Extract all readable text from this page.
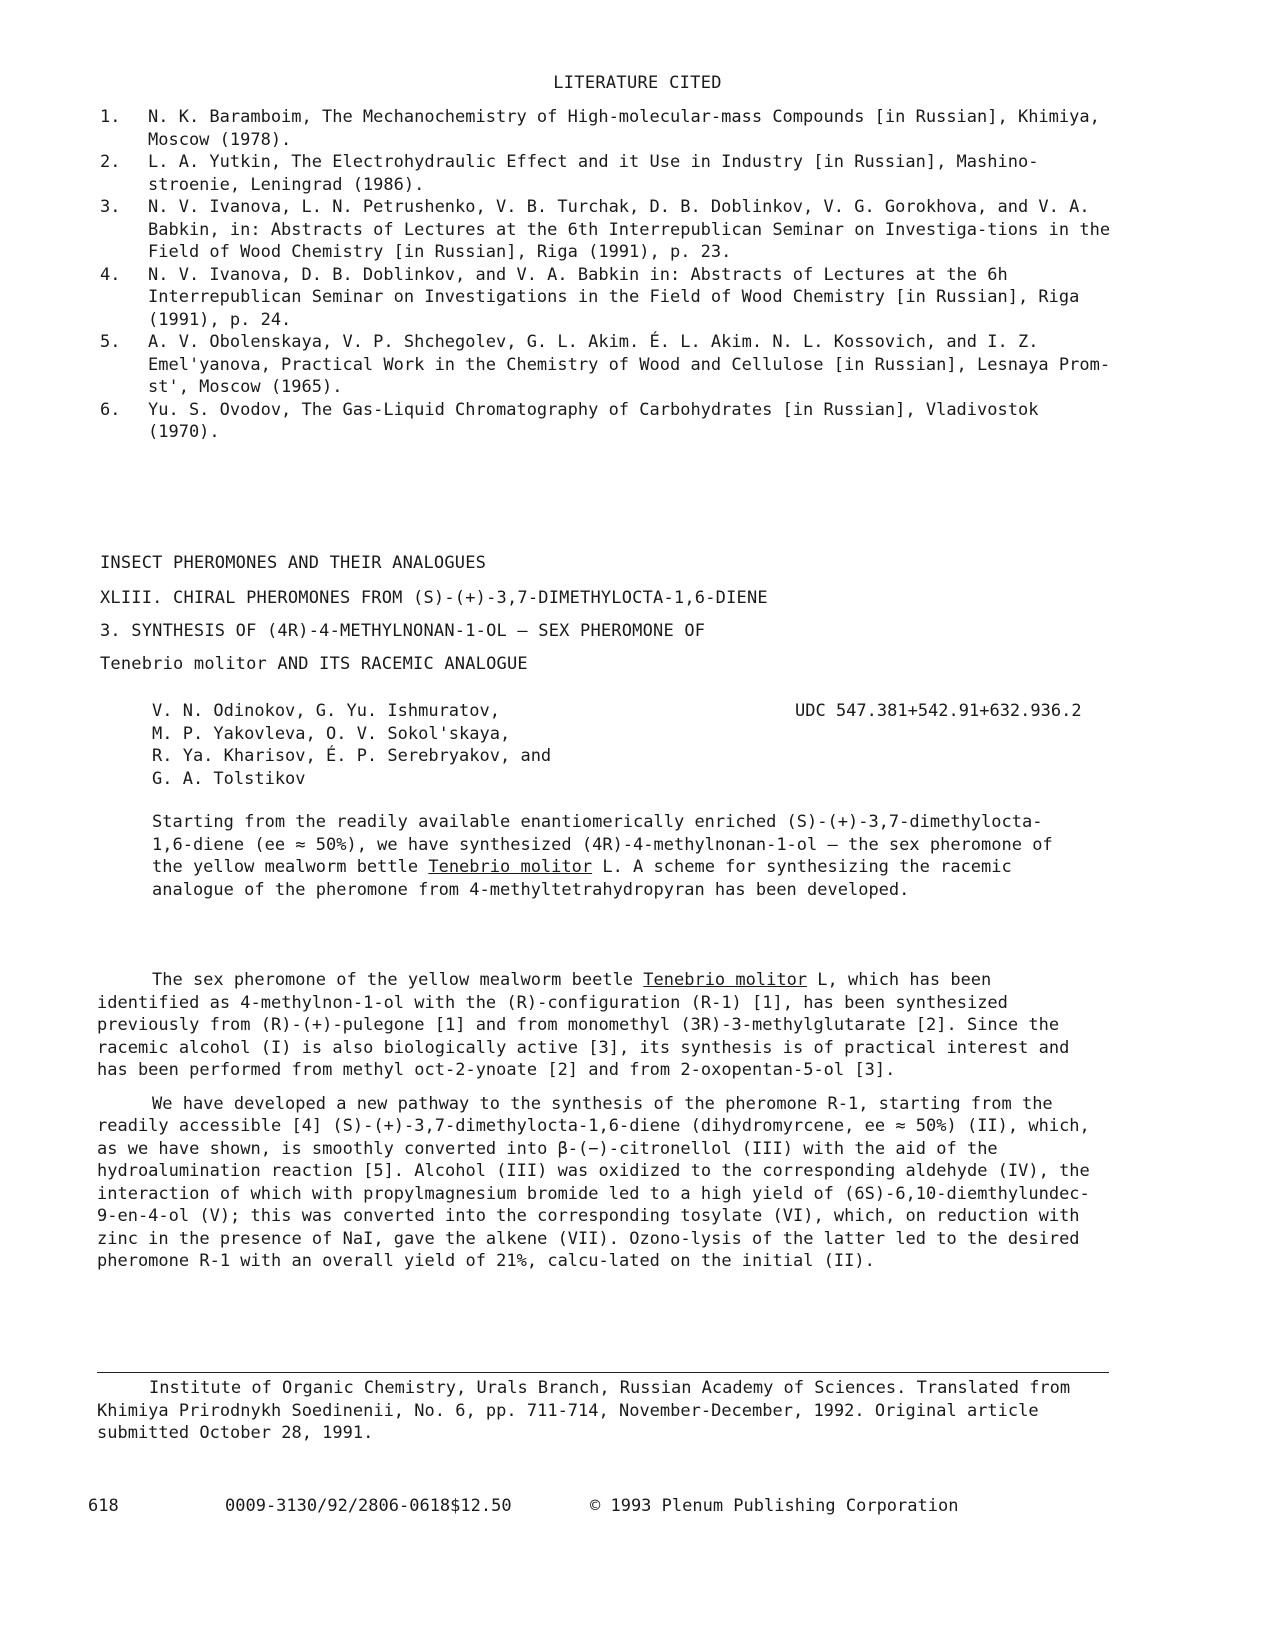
LITERATURE CITED
1.	N. K. Baramboim, The Mechanochemistry of High-molecular-mass Compounds [in Russian], Khimiya, Moscow (1978).
2.	L. A. Yutkin, The Electrohydraulic Effect and it Use in Industry [in Russian], Mashino-stroenie, Leningrad (1986).
3.	N. V. Ivanova, L. N. Petrushenko, V. B. Turchak, D. B. Doblinkov, V. G. Gorokhova, and V. A. Babkin, in: Abstracts of Lectures at the 6th Interrepublican Seminar on Investiga-tions in the Field of Wood Chemistry [in Russian], Riga (1991), p. 23.
4.	N. V. Ivanova, D. B. Doblinkov, and V. A. Babkin in: Abstracts of Lectures at the 6h Interrepublican Seminar on Investigations in the Field of Wood Chemistry [in Russian], Riga (1991), p. 24.
5.	A. V. Obolenskaya, V. P. Shchegolev, G. L. Akim. É. L. Akim. N. L. Kossovich, and I. Z. Emel'yanova, Practical Work in the Chemistry of Wood and Cellulose [in Russian], Lesnaya Prom-st', Moscow (1965).
6.	Yu. S. Ovodov, The Gas-Liquid Chromatography of Carbohydrates [in Russian], Vladivostok (1970).
INSECT PHEROMONES AND THEIR ANALOGUES
XLIII. CHIRAL PHEROMONES FROM (S)-(+)-3,7-DIMETHYLOCTA-1,6-DIENE
3. SYNTHESIS OF (4R)-4-METHYLNONAN-1-OL — SEX PHEROMONE OF
Tenebrio molitor AND ITS RACEMIC ANALOGUE
V. N. Odinokov, G. Yu. Ishmuratov,
M. P. Yakovleva, O. V. Sokol'skaya,
R. Ya. Kharisov, É. P. Serebryakov, and
G. A. Tolstikov
UDC 547.381+542.91+632.936.2
Starting from the readily available enantiomerically enriched (S)-(+)-3,7-dimethylocta-1,6-diene (ee ≈ 50%), we have synthesized (4R)-4-methylnonan-1-ol — the sex pheromone of the yellow mealworm bettle Tenebrio molitor L. A scheme for synthesizing the racemic analogue of the pheromone from 4-methyltetrahydropyran has been developed.

The sex pheromone of the yellow mealworm beetle Tenebrio molitor L, which has been identified as 4-methylnon-1-ol with the (R)-configuration (R-1) [1], has been synthesized previously from (R)-(+)-pulegone [1] and from monomethyl (3R)-3-methylglutarate [2]. Since the racemic alcohol (I) is also biologically active [3], its synthesis is of practical interest and has been performed from methyl oct-2-ynoate [2] and from 2-oxopentan-5-ol [3].

We have developed a new pathway to the synthesis of the pheromone R-1, starting from the readily accessible [4] (S)-(+)-3,7-dimethylocta-1,6-diene (dihydromyrcene, ee ≈ 50%) (II), which, as we have shown, is smoothly converted into β-(−)-citronellol (III) with the aid of the hydroalumination reaction [5]. Alcohol (III) was oxidized to the corresponding aldehyde (IV), the interaction of which with propylmagnesium bromide led to a high yield of (6S)-6,10-diemthylundec-9-en-4-ol (V); this was converted into the corresponding tosylate (VI), which, on reduction with zinc in the presence of NaI, gave the alkene (VII). Ozono-lysis of the latter led to the desired pheromone R-1 with an overall yield of 21%, calcu-lated on the initial (II).

Institute of Organic Chemistry, Urals Branch, Russian Academy of Sciences. Translated from Khimiya Prirodnykh Soedinenii, No. 6, pp. 711-714, November-December, 1992. Original article submitted October 28, 1991.
618	0009-3130/92/2806-0618$12.50	© 1993 Plenum Publishing Corporation
